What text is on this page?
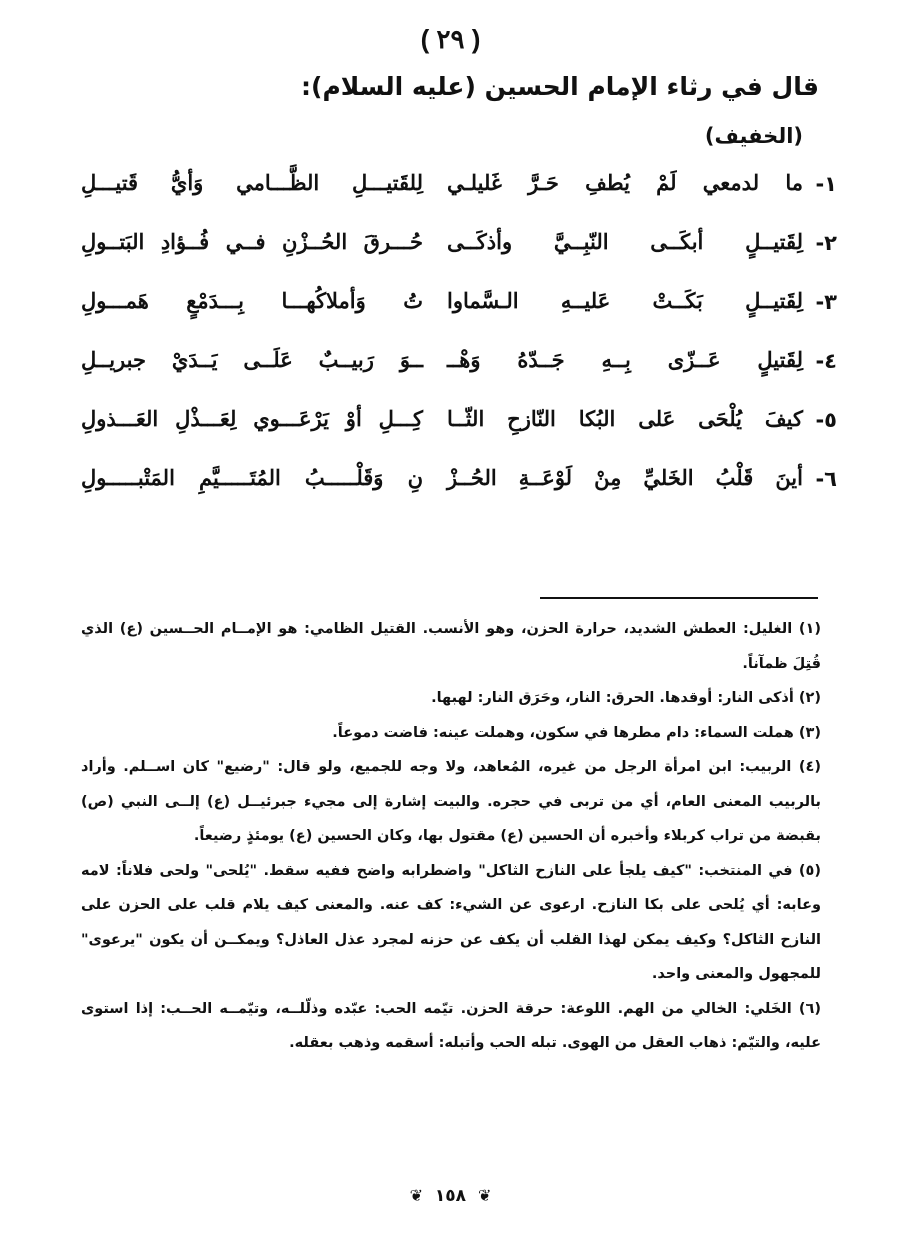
( ٢٩ )
قال في رثاء الإمام الحسين (عليه السلام):
(الخفيف)
١-
ما لدمعي لَمْ يُطفِ حَـرَّ غَليلـي
لِلقَتيـــلِ الظَّـــامي وَأيُّ قَتيـــلِ
٢-
لِقَتيــلٍ أبكَــى النّبِــيَّ وأذكَــى
حُـــرقَ الحُــزْنِ فــي فُــؤادِ البَتــولِ
٣-
لِقَتيــلٍ بَكَــتْ عَليــهِ الـسَّماوا
تُ وَأملاكُهـــا بِـــدَمْعٍ هَمـــولِ
٤-
لِقَتيلٍ عَــزّى بِــهِ جَــدّهُ وَهْــ
ــوَ رَبيــبٌ عَلَــى يَــدَيْ جبريــلِ
٥-
كيفَ يُلْحَى عَلى البُكا النّازحِ الثّــا
كِـــلِ أوْ يَرْعَـــوي لِعَـــذْلِ العَـــذولِ
٦-
أينَ قَلْبُ الخَليِّ مِنْ لَوْعَــةِ الحُــزْ
نِ وَقَلْـــــبُ المُتَـــــيَّمِ المَتْبـــــولِ

(١) الغليل: العطش الشديد، حرارة الحزن، وهو الأنسب. القتيل الظامي: هو الإمــام الحــسين (ع) الذي قُتِلَ ظمآناً.

(٢) أذكى النار: أوقدها. الحرق: النار، وحَرَق النار: لهبها.

(٣) هملت السماء: دام مطرها في سكون، وهملت عينه: فاضت دموعاً.

(٤) الربيب: ابن امرأة الرجل من غيره، المُعاهد، ولا وجه للجميع، ولو قال: "رضيع" كان اســلم. وأراد بالربيب المعنى العام، أي من تربى في حجره. والبيت إشارة إلى مجيء جبرئيــل (ع) إلــى النبي (ص) بقبضة من تراب كربلاء وأخبره أن الحسين (ع) مقتول بها، وكان الحسين (ع) يومئذٍ رضيعاً.

(٥) في المنتخب: "كيف يلجأ على النازح الثاكل" واضطرابه واضح ففيه سقط. "يُلحى" ولحى فلاناً: لامه وعابه: أي يُلحى على بكا النازح. ارعوى عن الشيء: كف عنه. والمعنى كيف يلام قلب على الحزن على النازح الثاكل؟ وكيف يمكن لهذا القلب أن يكف عن حزنه لمجرد عذل العاذل؟ ويمكــن أن يكون "يرعوى" للمجهول والمعنى واحد.

(٦) الخَلي: الخالي من الهم. اللوعة: حرقة الحزن. تيّمه الحب: عبّده وذلّلــه، وتيّمــه الحــب: إذا استوى عليه، والتيّم: ذهاب العقل من الهوى. تبله الحب وأتبله: أسقمه وذهب بعقله.

❦ ١٥٨ ❦
